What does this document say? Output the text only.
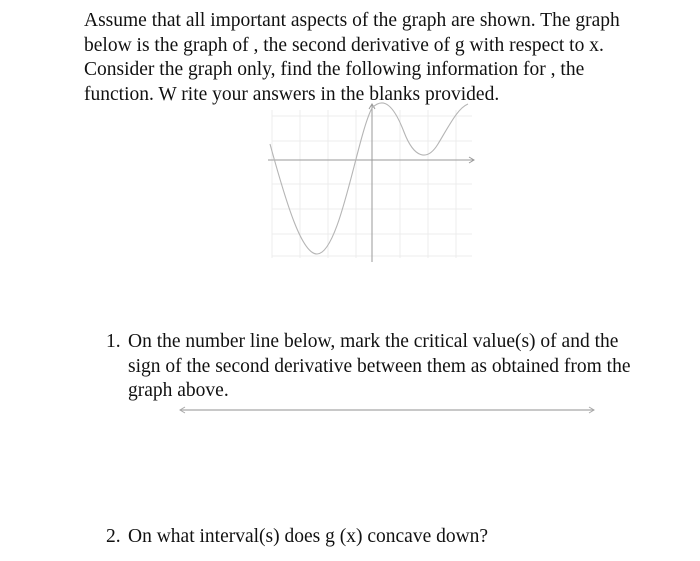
Assume that all important aspects of the graph are shown. The graph below is the graph of , the second derivative of g with respect to x. Consider the graph only, find the following information for , the function. W rite your answers in the blanks provided.

1. On the number line below, mark the critical value(s) of and the sign of the second derivative between them as obtained from the graph above.
2. On what interval(s) does g (x) concave down?
